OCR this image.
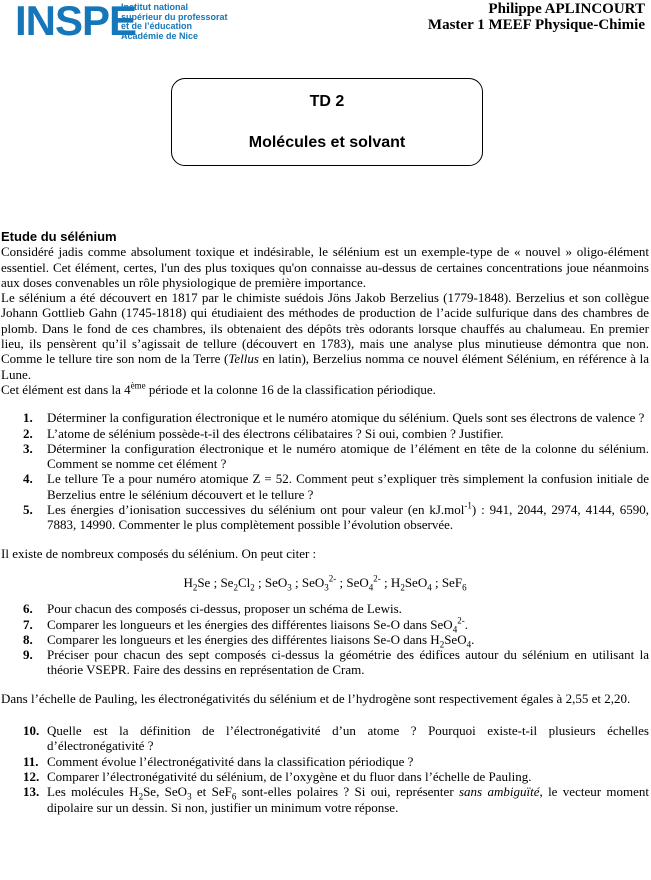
INSPE
Institut national
supérieur du professorat
et de l’éducation
Académie de Nice
Philippe APLINCOURT
Master 1 MEEF Physique-Chimie
TD 2
Molécules et solvant
Etude du sélénium

Considéré jadis comme absolument toxique et indésirable, le sélénium est un exemple-type de « nouvel » oligo-élément essentiel. Cet élément, certes, l'un des plus toxiques qu'on connaisse au-dessus de certaines concentrations joue néanmoins aux doses convenables un rôle physiologique de première importance.

Le sélénium a été découvert en 1817 par le chimiste suédois Jöns Jakob Berzelius (1779-1848). Berzelius et son collègue Johann Gottlieb Gahn (1745-1818) qui étudiaient des méthodes de production de l’acide sulfurique dans des chambres de plomb. Dans le fond de ces chambres, ils obtenaient des dépôts très odorants lorsque chauffés au chalumeau. En premier lieu, ils pensèrent qu’il s’agissait de tellure (découvert en 1783), mais une analyse plus minutieuse démontra que non. Comme le tellure tire son nom de la Terre (Tellus en latin), Berzelius nomma ce nouvel élément Sélénium, en référence à la Lune.

Cet élément est dans la 4ème période et la colonne 16 de la classification périodique.

1. Déterminer la configuration électronique et le numéro atomique du sélénium. Quels sont ses électrons de valence ?
2. L’atome de sélénium possède-t-il des électrons célibataires ? Si oui, combien ? Justifier.
3. Déterminer la configuration électronique et le numéro atomique de l’élément en tête de la colonne du sélénium. Comment se nomme cet élément ?
4. Le tellure Te a pour numéro atomique Z = 52. Comment peut s’expliquer très simplement la confusion initiale de Berzelius entre le sélénium découvert et le tellure ?
5. Les énergies d’ionisation successives du sélénium ont pour valeur (en kJ.mol$^{-1}$) : 941, 2044, 2974, 4144, 6590, 7883, 14990. Commenter le plus complètement possible l’évolution observée.

Il existe de nombreux composés du sélénium. On peut citer :

$H_2Se$ ; $Se_2Cl_2$ ; SeO$_3$ ; SeO$_3^{2-}$ ; SeO$_4^{2-}$ ; $H_2SeO_4$ ; SeF$_6$

6. Pour chacun des composés ci-dessus, proposer un schéma de Lewis.
7. Comparer les longueurs et les énergies des différentes liaisons Se-O dans SeO$_4^{2-}$.
8. Comparer les longueurs et les énergies des différentes liaisons Se-O dans $H_2SeO_4$.
9. Préciser pour chacun des sept composés ci-dessus la géométrie des édifices autour du sélénium en utilisant la théorie VSEPR. Faire des dessins en représentation de Cram.

Dans l’échelle de Pauling, les électronégativités du sélénium et de l’hydrogène sont respectivement égales à 2,55 et 2,20.

10. Quelle est la définition de l’électronégativité d’un atome ? Pourquoi existe-t-il plusieurs échelles d’électronégativité ?
11. Comment évolue l’électronégativité dans la classification périodique ?
12. Comparer l’électronégativité du sélénium, de l’oxygène et du fluor dans l’échelle de Pauling.
13. Les molécules $H_2Se$, SeO$_3$ et SeF$_6$ sont-elles polaires ? Si oui, représenter sans ambiguïté, le vecteur moment dipolaire sur un dessin. Si non, justifier un minimum votre réponse.
